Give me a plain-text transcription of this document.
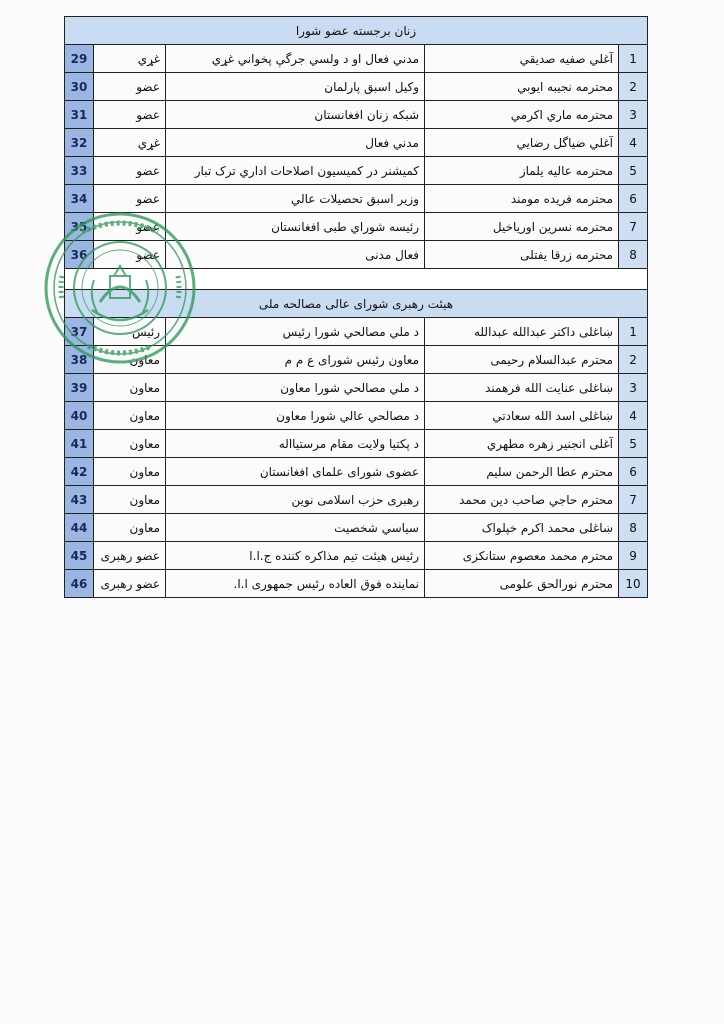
زنان برجسته عضو شورا				
29	غړي	مدني فعال او د ولسي جرگې پخواني غړي	آغلي صفيه صديقي	1
30	عضو	وكيل اسبق پارلمان	محترمه نجيبه ايوبي	2
31	عضو	شبكه زنان افغانستان	محترمه ماري اكرمي	3
32	غړي	مدني فعال	آغلي ضياگل رضايي	4
33	عضو	كميشنر در كميسيون اصلاحات اداري ترک تبار	محترمه عاليه يلماز	5
34	عضو	وزير اسبق تحصيلات عالي	محترمه فريده مومند	6
35	عضو	رئيسه شوراي طبی افغانستان	محترمه نسرين اورياخيل	7
36	عضو	فعال مدنی	محترمه زرقا يفتلی	8

هيئت رهبری شورای عالی مصالحه ملی				
37	رئيس	د ملي مصالحي شورا رئيس	ښاغلی داكتر عبدالله عبدالله	1
38	معاون	معاون رئيس شورای ع م م	محترم عبدالسلام رحيمی	2
39	معاون	د ملي مصالحي شورا معاون	ښاغلی عنايت الله فرهمند	3
40	معاون	د مصالحي عالي شورا معاون	ښاغلی اسد الله سعادتي	4
41	معاون	د پكتيا ولايت مقام مرستيااله	آغلی انجنير زهره مطهري	5
42	معاون	عضوی شورای علمای افغانستان	محترم عطا الرحمن سليم	6
43	معاون	رهبری حزب اسلامی نوين	محترم حاجي صاحب دين محمد	7
44	معاون	سياسي شخصيت	ښاغلی محمد اكرم خپلواک	8
45	عضو رهبری	رئيس هيئت تيم مذاكره كننده ج.ا.ا	محترم محمد معصوم ستانكزی	9
46	عضو رهبری	نماينده فوق العاده رئيس جمهوری ا.ا.	محترم نورالحق علومی	10
